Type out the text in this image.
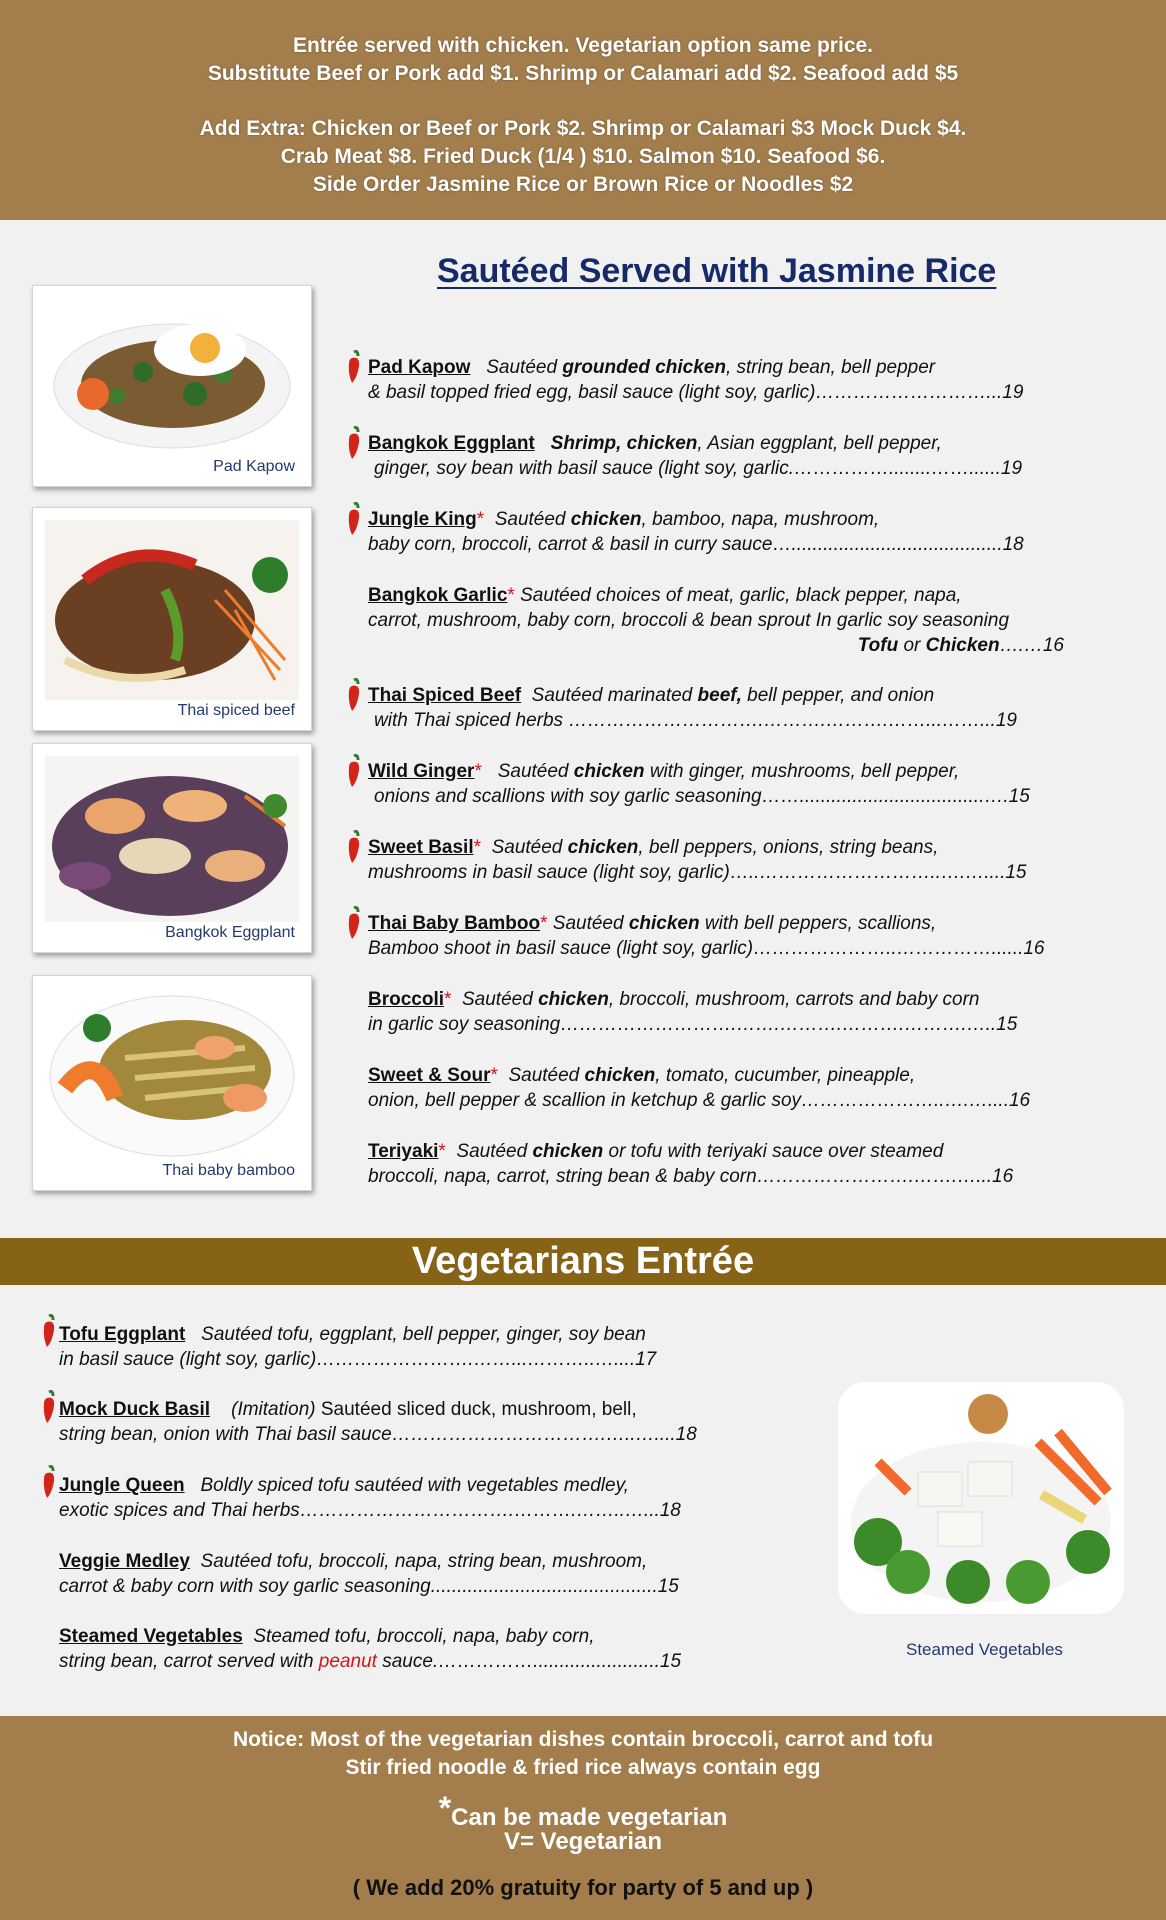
Entrée served with chicken. Vegetarian option same price.
Substitute Beef or Pork add $1. Shrimp or Calamari add $2. Seafood add $5
Add Extra: Chicken or Beef or Pork $2. Shrimp or Calamari $3 Mock Duck $4.
Crab Meat $8. Fried Duck (1/4 ) $10. Salmon $10. Seafood $6.
Side Order Jasmine Rice or Brown Rice or Noodles $2
Sautéed Served with Jasmine Rice
Pad Kapow
Thai spiced beef
Bangkok Eggplant
Thai baby bamboo
Pad Kapow Sautéed grounded chicken, string bean, bell pepper
& basil topped fried egg, basil sauce (light soy, garlic)………………………...19
Bangkok Eggplant Shrimp, chicken, Asian eggplant, bell pepper,
ginger, soy bean with basil sauce (light soy, garlic.……………........……......19
Jungle King* Sautéed chicken, bamboo, napa, mushroom,
baby corn, broccoli, carrot & basil in curry sauce…........................................18
Bangkok Garlic* Sautéed choices of meat, garlic, black pepper, napa,
carrot, mushroom, baby corn, broccoli & bean sprout In garlic soy seasoning
Tofu or Chicken….…16
Thai Spiced Beef Sautéed marinated beef, bell pepper, and onion
with Thai spiced herbs ………………………….……….……….……...……...19
Wild Ginger* Sautéed chicken with ginger, mushrooms, bell pepper,
onions and scallions with soy garlic seasoning……...................................….15
Sweet Basil* Sautéed chicken, bell peppers, onions, string beans,
mushrooms in basil sauce (light soy, garlic)…..………………………..….…....15
Thai Baby Bamboo* Sautéed chicken with bell peppers, scallions,
Bamboo shoot in basil sauce (light soy, garlic)…………………..……………......16
Broccoli* Sautéed chicken, broccoli, mushroom, carrots and baby corn
in garlic soy seasoning……………………….…….……….……….……….…..15
Sweet & Sour* Sautéed chicken, tomato, cucumber, pineapple,
onion, bell pepper & scallion in ketchup & garlic soy…………………..….…....16
Teriyaki* Sautéed chicken or tofu with teriyaki sauce over steamed
broccoli, napa, carrot, string bean & baby corn…………………….…….…...16
Vegetarians Entrée
Tofu Eggplant Sautéed tofu, eggplant, bell pepper, ginger, soy bean
in basil sauce (light soy, garlic)…………………….……...………..…....17
Mock Duck Basil (Imitation) Sautéed sliced duck, mushroom, bell,
string bean, onion with Thai basil sauce…………………………….…..…....18
Jungle Queen Boldly spiced tofu sautéed with vegetables medley,
exotic spices and Thai herbs…………………………….……….……..…...18
Veggie Medley Sautéed tofu, broccoli, napa, string bean, mushroom,
carrot & baby corn with soy garlic seasoning...........................................15
Steamed Vegetables Steamed tofu, broccoli, napa, baby corn,
string bean, carrot served with peanut sauce.……………........................15
Steamed Vegetables
Notice: Most of the vegetarian dishes contain broccoli, carrot and tofu
Stir fried noodle & fried rice always contain egg
*Can be made vegetarian
V= Vegetarian
( We add 20% gratuity for party of 5 and up )
